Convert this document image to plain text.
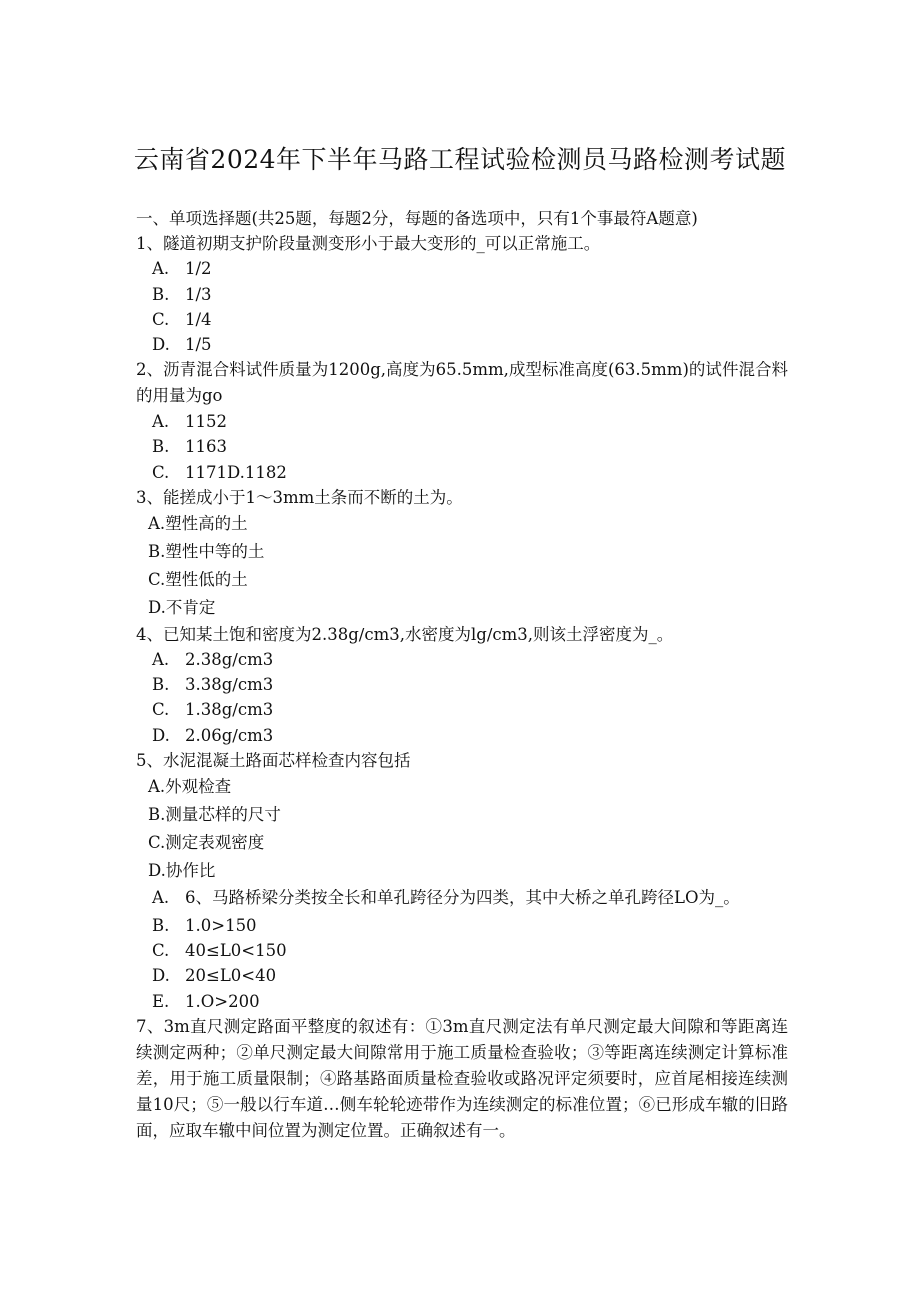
云南省2024年下半年马路工程试验检测员马路检测考试题
一、单项选择题(共25题，每题2分，每题的备选项中，只有1个事最符A题意)
1、隧道初期支护阶段量测变形小于最大变形的_可以正常施工。
A. 1/2
B. 1/3
C. 1/4
D. 1/5
2、沥青混合料试件质量为1200g,高度为65.5mm,成型标准高度(63.5mm)的试件混合料的用量为go
A. 1152
B. 1163
C. 1171D.1182
3、能搓成小于1～3mm土条而不断的土为。
A.塑性高的土
B.塑性中等的土
C.塑性低的土
D.不肯定
4、已知某土饱和密度为2.38g∕cm3,水密度为lg∕cm3,则该土浮密度为_。
A. 2.38g∕cm3
B. 3.38g∕cm3
C. 1.38g∕cm3
D. 2.06g∕cm3
5、水泥混凝土路面芯样检查内容包括
A.外观检查
B.测量芯样的尺寸
C.测定表观密度
D.协作比
A. 6、马路桥梁分类按全长和单孔跨径分为四类，其中大桥之单孔跨径LO为_。
B. 1.0>150
C. 40≤L0<150
D. 20≤L0<40
E. 1.O>200
7、3m直尺测定路面平整度的叙述有：①3m直尺测定法有单尺测定最大间隙和等距离连续测定两种；②单尺测定最大间隙常用于施工质量检查验收；③等距离连续测定计算标准差，用于施工质量限制；④路基路面质量检查验收或路况评定须要时，应首尾相接连续测量10尺；⑤一般以行车道…侧车轮轮迹带作为连续测定的标准位置；⑥已形成车辙的旧路面，应取车辙中间位置为测定位置。正确叙述有一。
